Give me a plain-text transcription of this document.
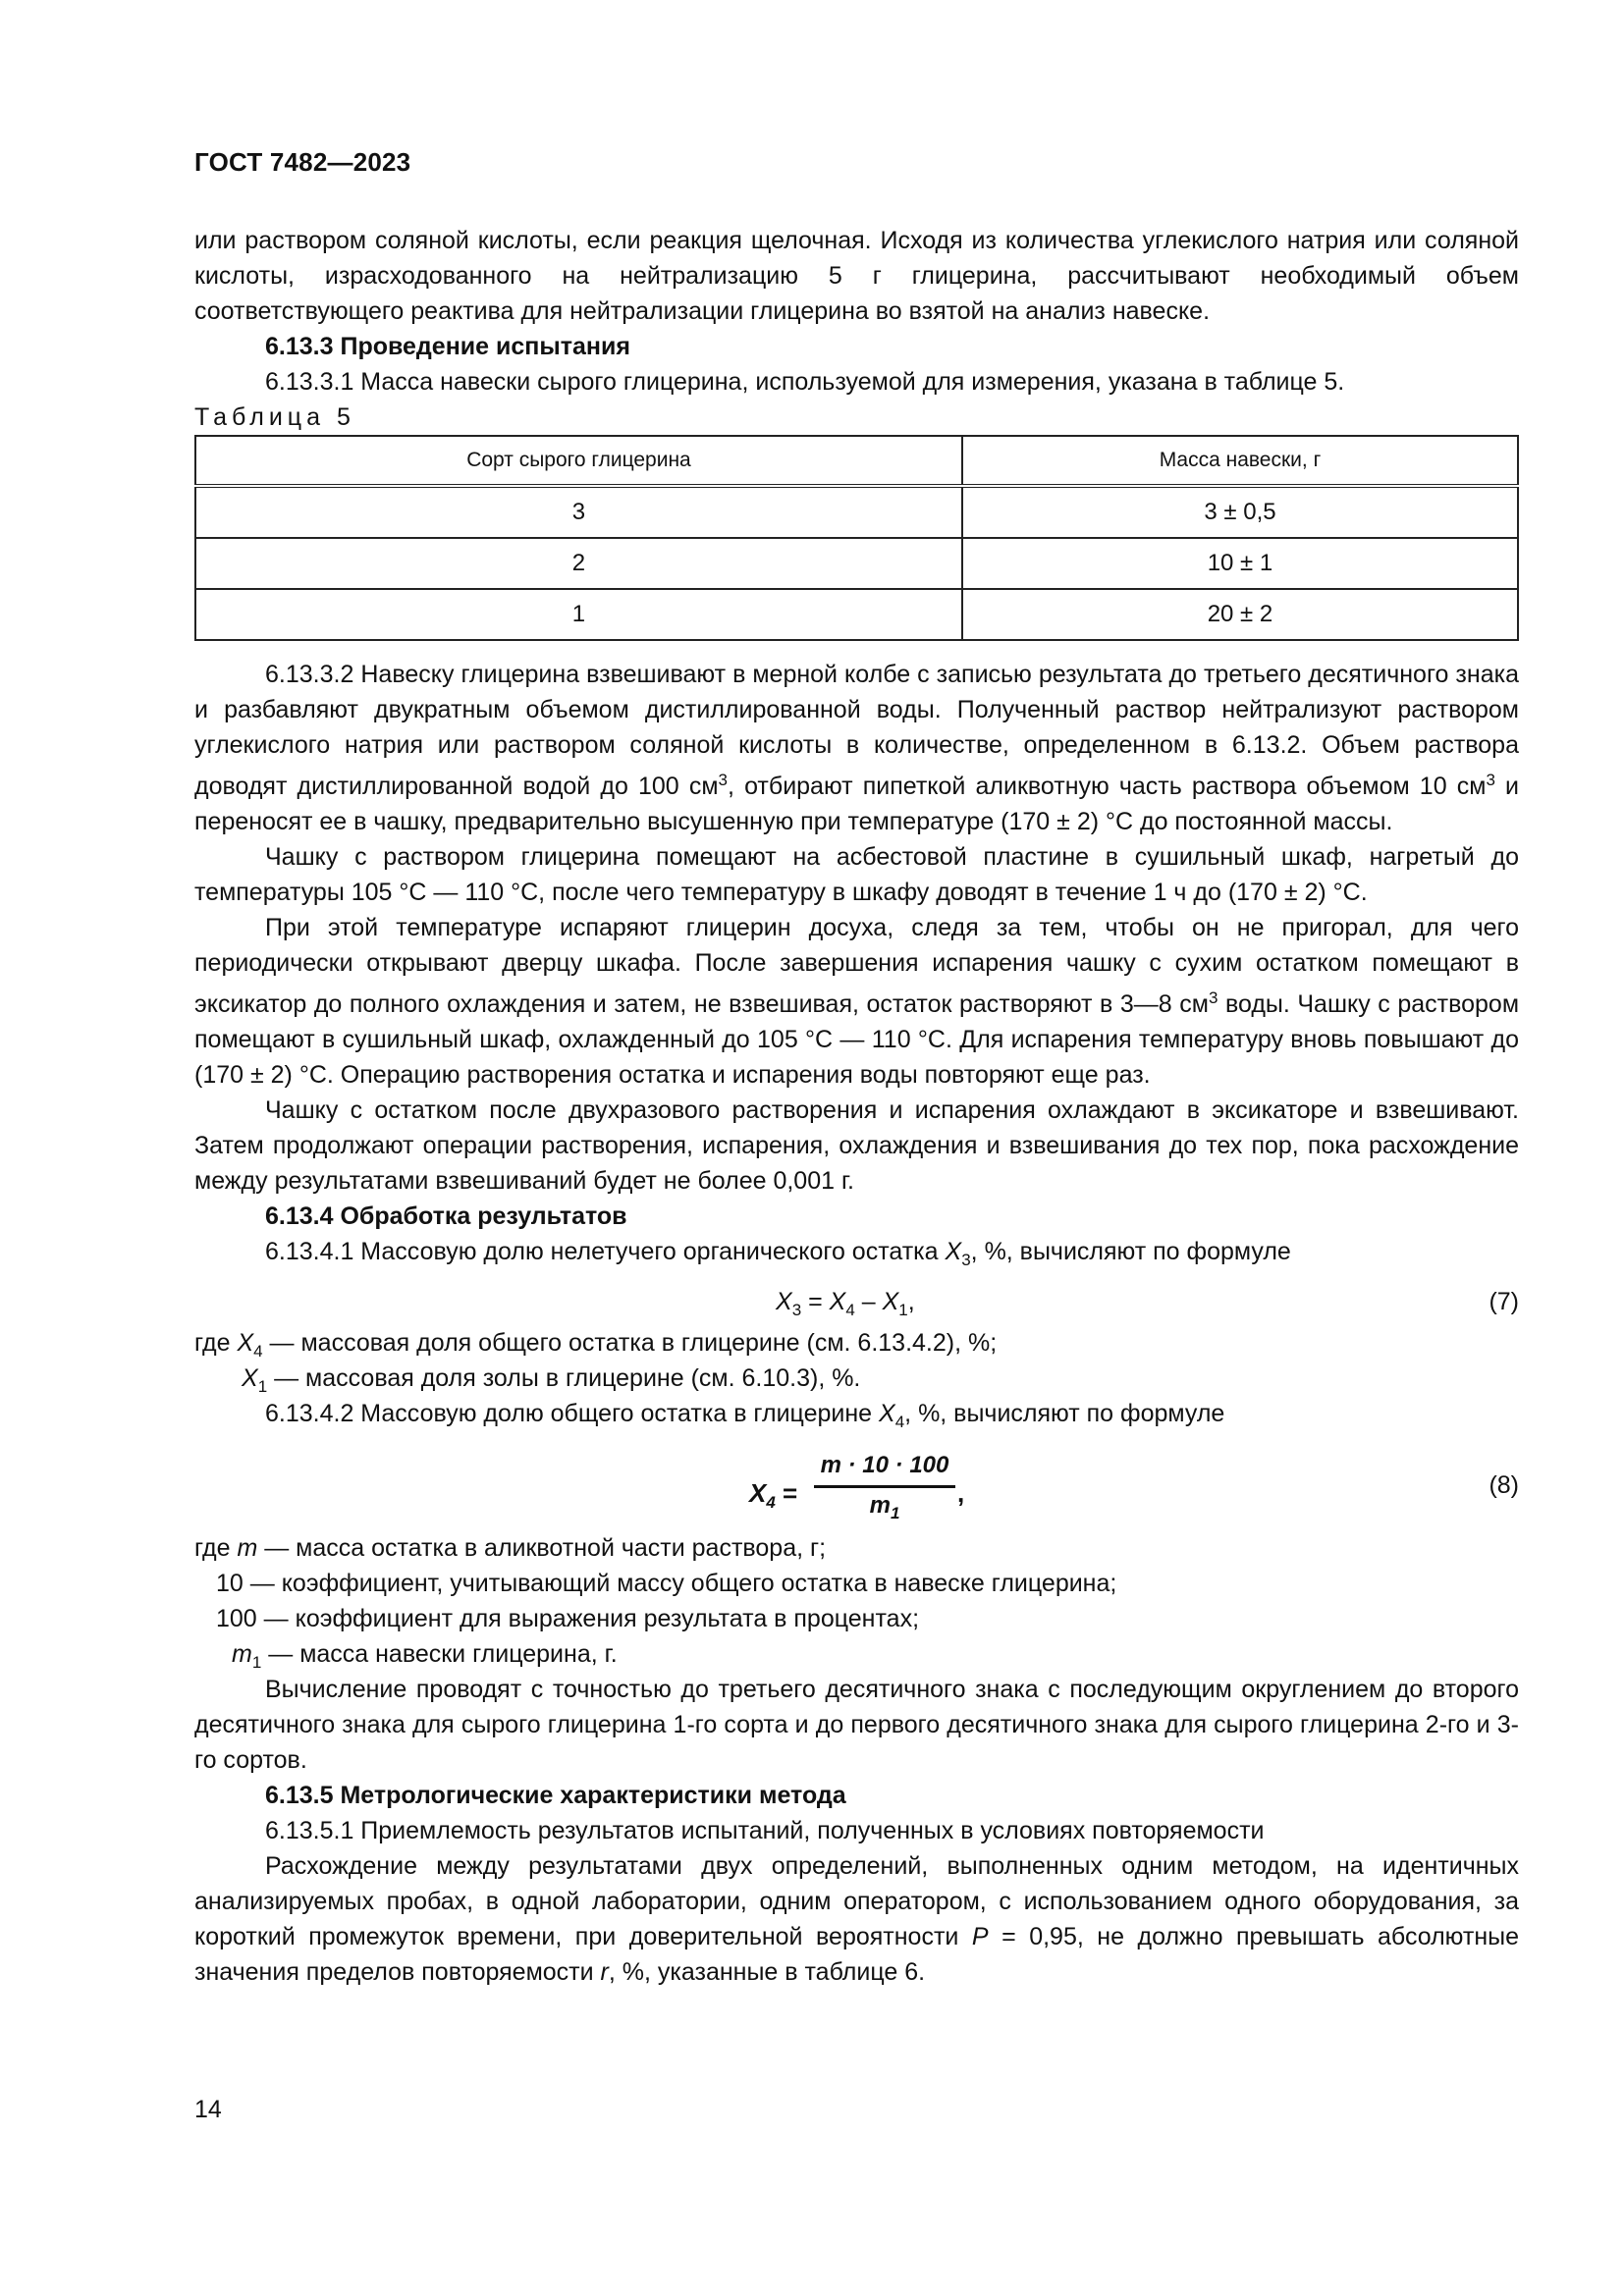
ГОСТ 7482—2023

или раствором соляной кислоты, если реакция щелочная. Исходя из количества углекислого натрия или соляной кислоты, израсходованного на нейтрализацию 5 г глицерина, рассчитывают необходимый объем соответствующего реактива для нейтрализации глицерина во взятой на анализ навеске.

6.13.3 Проведение испытания

6.13.3.1 Масса навески сырого глицерина, используемой для измерения, указана в таблице 5.

Таблица 5

Сорт сырого глицерина	Масса навески, г
3	3 ± 0,5
2	10 ± 1
1	20 ± 2

6.13.3.2 Навеску глицерина взвешивают в мерной колбе с записью результата до третьего десятичного знака и разбавляют двукратным объемом дистиллированной воды. Полученный раствор нейтрализуют раствором углекислого натрия или раствором соляной кислоты в количестве, определенном в 6.13.2. Объем раствора доводят дистиллированной водой до 100 $см^3$, отбирают пипеткой аликвотную часть раствора объемом 10 $см^3$ и переносят ее в чашку, предварительно высушенную при температуре (170 ± 2) °С до постоянной массы.

Чашку с раствором глицерина помещают на асбестовой пластине в сушильный шкаф, нагретый до температуры 105 °С — 110 °С, после чего температуру в шкафу доводят в течение 1 ч до (170 ± 2) °С.

При этой температуре испаряют глицерин досуха, следя за тем, чтобы он не пригорал, для чего периодически открывают дверцу шкафа. После завершения испарения чашку с сухим остатком помещают в эксикатор до полного охлаждения и затем, не взвешивая, остаток растворяют в 3—8 $см^3$ воды. Чашку с раствором помещают в сушильный шкаф, охлажденный до 105 °С — 110 °С. Для испарения температуру вновь повышают до (170 ± 2) °С. Операцию растворения остатка и испарения воды повторяют еще раз.

Чашку с остатком после двухразового растворения и испарения охлаждают в эксикаторе и взвешивают. Затем продолжают операции растворения, испарения, охлаждения и взвешивания до тех пор, пока расхождение между результатами взвешиваний будет не более 0,001 г.

6.13.4 Обработка результатов

6.13.4.1 Массовую долю нелетучего органического остатка $X_3$, %, вычисляют по формуле

$X_3 = X_4 - X_1$,	(7)
где $X_4$ — массовая доля общего остатка в глицерине (см. 6.13.4.2), %;
$X_1$ — массовая доля золы в глицерине (см. 6.10.3), %.

6.13.4.2 Массовую долю общего остатка в глицерине $X_4$, %, вычисляют по формуле

$X_4 = \frac{m \cdot 10 \cdot 100}{m_1}$ ,	(8)
где m — масса остатка в аликвотной части раствора, г;
10 — коэффициент, учитывающий массу общего остатка в навеске глицерина;
100 — коэффициент для выражения результата в процентах;
$m_1$ — масса навески глицерина, г.

Вычисление проводят с точностью до третьего десятичного знака с последующим округлением до второго десятичного знака для сырого глицерина 1-го сорта и до первого десятичного знака для сырого глицерина 2-го и 3-го сортов.

6.13.5 Метрологические характеристики метода

6.13.5.1 Приемлемость результатов испытаний, полученных в условиях повторяемости

Расхождение между результатами двух определений, выполненных одним методом, на идентичных анализируемых пробах, в одной лаборатории, одним оператором, с использованием одного оборудования, за короткий промежуток времени, при доверительной вероятности P = 0,95, не должно превышать абсолютные значения пределов повторяемости r, %, указанные в таблице 6.

14
